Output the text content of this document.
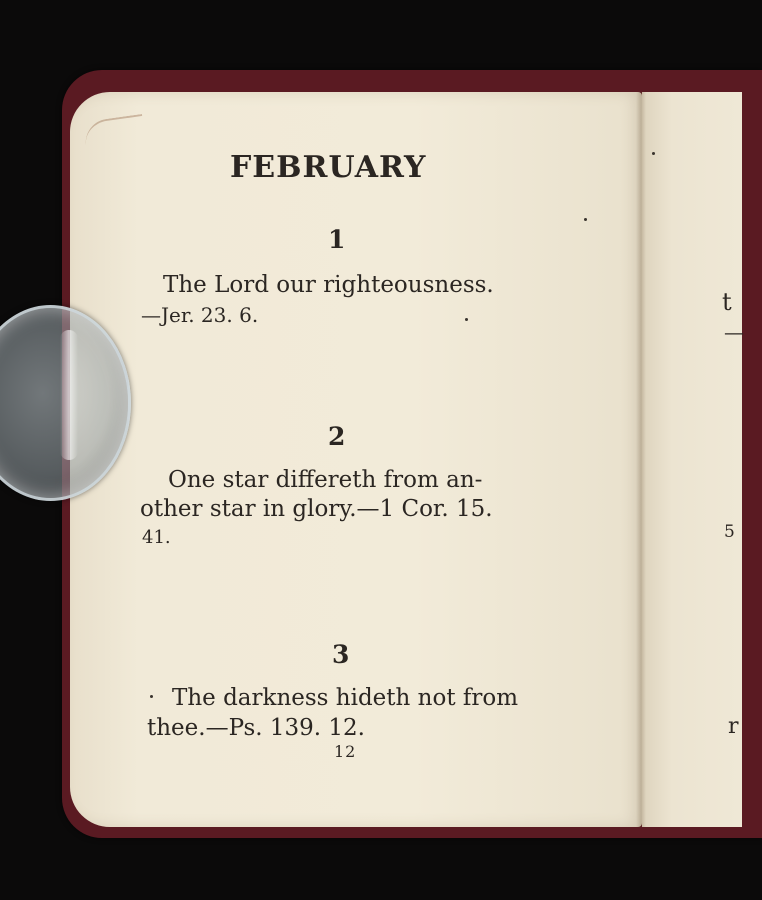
FEBRUARY
1
The Lord our righteousness.
—Jer. 23. 6.
2
One star differeth from an-
other star in glory.—1 Cor. 15.
41.
3
The darkness hideth not from
thee.—Ps. 139. 12.
12
t
—
5
r
